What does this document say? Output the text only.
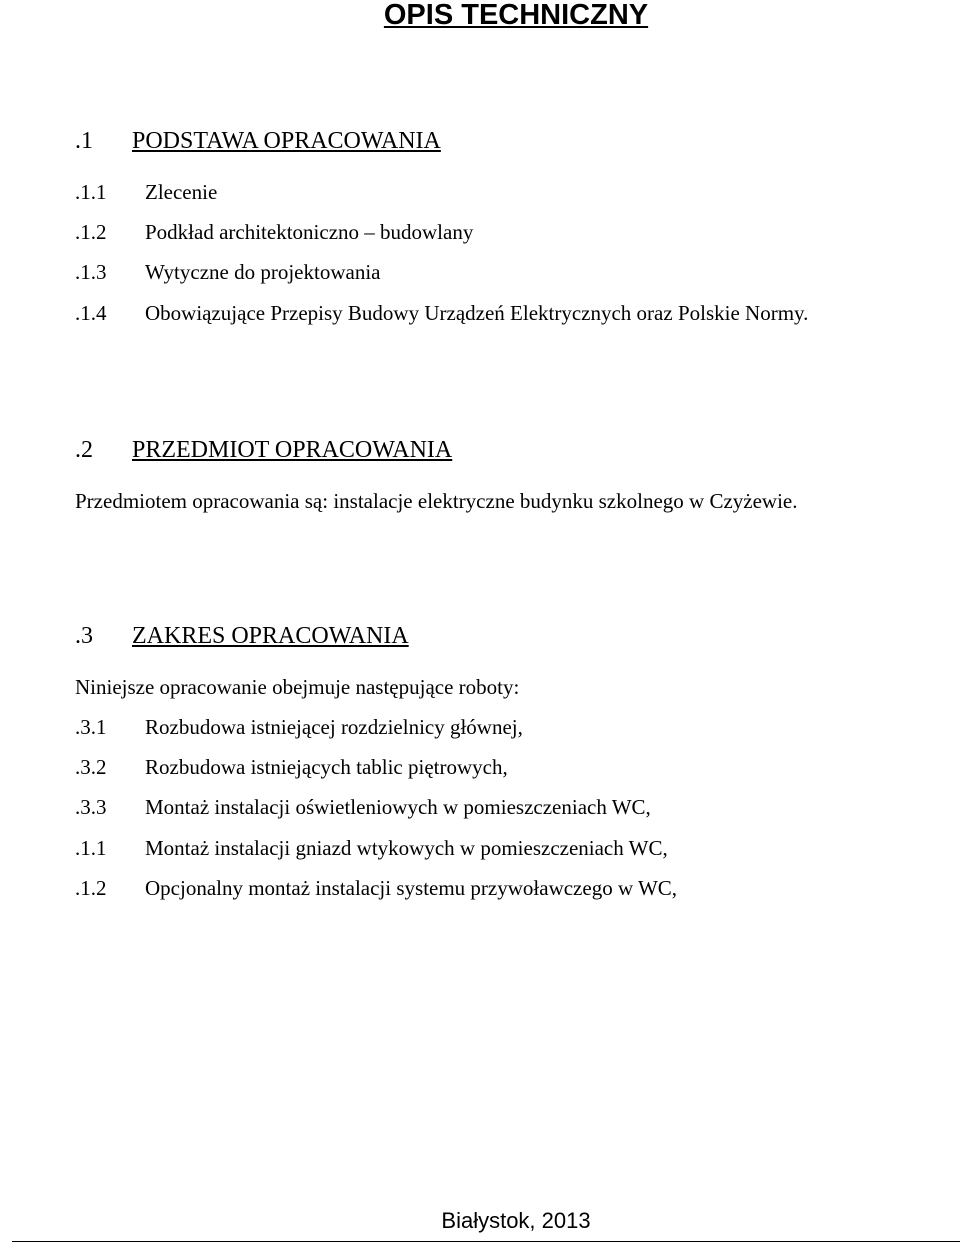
OPIS TECHNICZNY
.1 PODSTAWA OPRACOWANIA
.1.1 Zlecenie
.1.2 Podkład architektoniczno – budowlany
.1.3 Wytyczne do projektowania
.1.4 Obowiązujące Przepisy Budowy Urządzeń Elektrycznych oraz Polskie Normy.
.2 PRZEDMIOT OPRACOWANIA
Przedmiotem opracowania są: instalacje elektryczne budynku szkolnego w Czyżewie.
.3 ZAKRES OPRACOWANIA
Niniejsze opracowanie obejmuje następujące roboty:
.3.1 Rozbudowa istniejącej rozdzielnicy głównej,
.3.2 Rozbudowa istniejących tablic piętrowych,
.3.3 Montaż instalacji oświetleniowych w pomieszczeniach WC,
.1.1 Montaż instalacji gniazd wtykowych w pomieszczeniach WC,
.1.2 Opcjonalny montaż instalacji systemu przywoławczego w WC,
Białystok, 2013
